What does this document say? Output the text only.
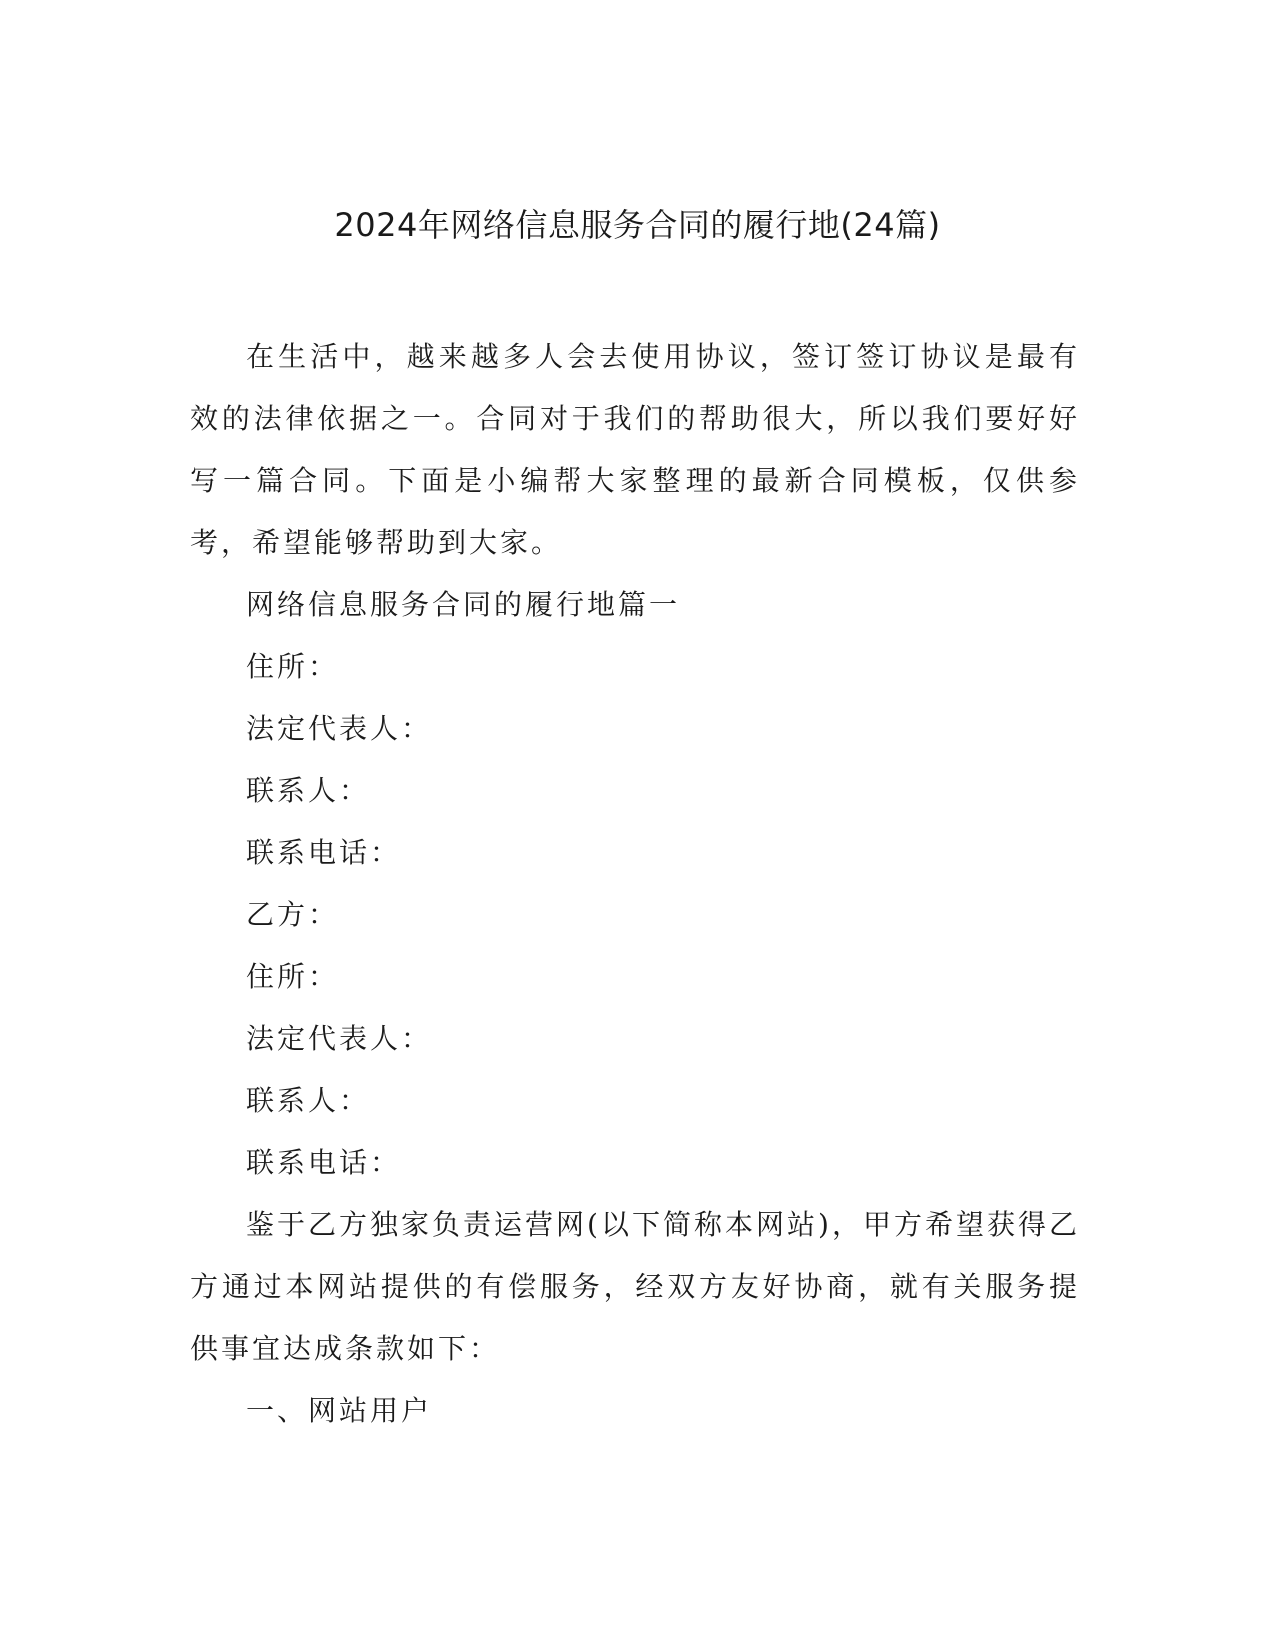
2024年网络信息服务合同的履行地(24篇)

在生活中，越来越多人会去使用协议，签订签订协议是最有效的法律依据之一。合同对于我们的帮助很大，所以我们要好好写一篇合同。下面是小编帮大家整理的最新合同模板，仅供参考，希望能够帮助到大家。

网络信息服务合同的履行地篇一

住所：

法定代表人：

联系人：

联系电话：

乙方：

住所：

法定代表人：

联系人：

联系电话：

鉴于乙方独家负责运营网(以下简称本网站)，甲方希望获得乙方通过本网站提供的有偿服务，经双方友好协商，就有关服务提供事宜达成条款如下：

一、网站用户
